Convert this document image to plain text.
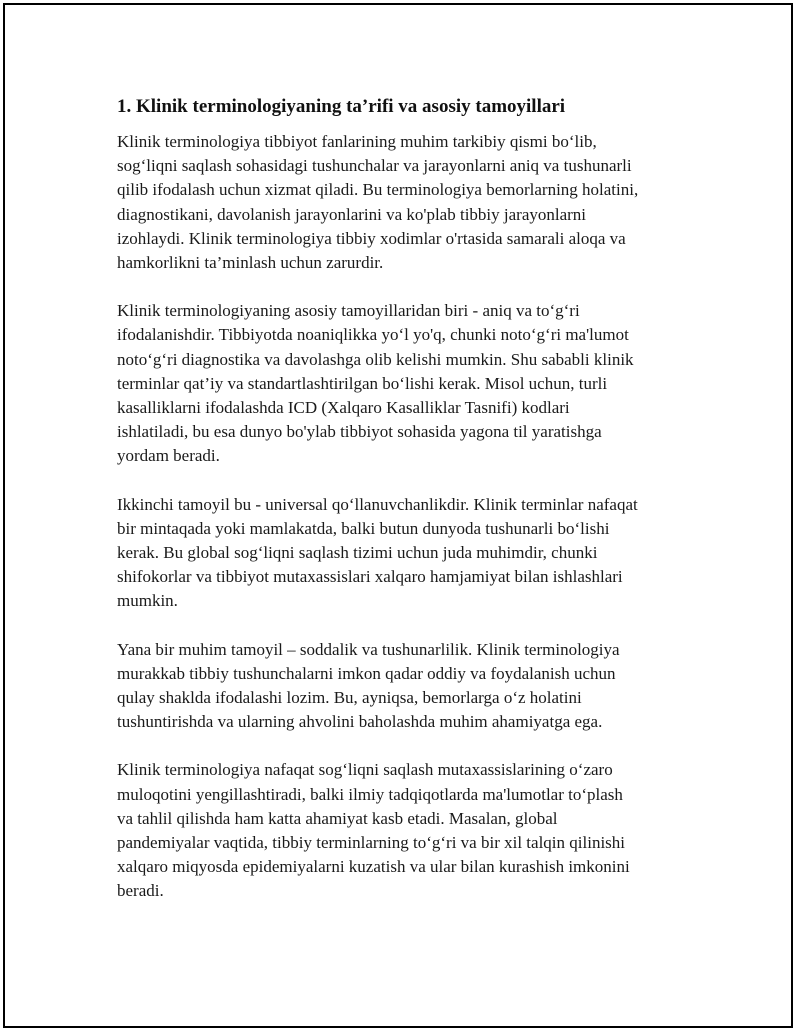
1. Klinik terminologiyaning ta’rifi va asosiy tamoyillari

Klinik terminologiya tibbiyot fanlarining muhim tarkibiy qismi bo‘lib,
sog‘liqni saqlash sohasidagi tushunchalar va jarayonlarni aniq va tushunarli
qilib ifodalash uchun xizmat qiladi. Bu terminologiya bemorlarning holatini,
diagnostikani, davolanish jarayonlarini va ko'plab tibbiy jarayonlarni
izohlaydi. Klinik terminologiya tibbiy xodimlar o'rtasida samarali aloqa va
hamkorlikni ta’minlash uchun zarurdir.

Klinik terminologiyaning asosiy tamoyillaridan biri - aniq va to‘g‘ri
ifodalanishdir. Tibbiyotda noaniqlikka yo‘l yo'q, chunki noto‘g‘ri ma'lumot
noto‘g‘ri diagnostika va davolashga olib kelishi mumkin. Shu sababli klinik
terminlar qat’iy va standartlashtirilgan bo‘lishi kerak. Misol uchun, turli
kasalliklarni ifodalashda ICD (Xalqaro Kasalliklar Tasnifi) kodlari
ishlatiladi, bu esa dunyo bo'ylab tibbiyot sohasida yagona til yaratishga
yordam beradi.

Ikkinchi tamoyil bu - universal qo‘llanuvchanlikdir. Klinik terminlar nafaqat
bir mintaqada yoki mamlakatda, balki butun dunyoda tushunarli bo‘lishi
kerak. Bu global sog‘liqni saqlash tizimi uchun juda muhimdir, chunki
shifokorlar va tibbiyot mutaxassislari xalqaro hamjamiyat bilan ishlashlari
mumkin.

Yana bir muhim tamoyil – soddalik va tushunarlilik. Klinik terminologiya
murakkab tibbiy tushunchalarni imkon qadar oddiy va foydalanish uchun
qulay shaklda ifodalashi lozim. Bu, ayniqsa, bemorlarga o‘z holatini
tushuntirishda va ularning ahvolini baholashda muhim ahamiyatga ega.

Klinik terminologiya nafaqat sog‘liqni saqlash mutaxassislarining o‘zaro
muloqotini yengillashtiradi, balki ilmiy tadqiqotlarda ma'lumotlar to‘plash
va tahlil qilishda ham katta ahamiyat kasb etadi. Masalan, global
pandemiyalar vaqtida, tibbiy terminlarning to‘g‘ri va bir xil talqin qilinishi
xalqaro miqyosda epidemiyalarni kuzatish va ular bilan kurashish imkonini
beradi.
